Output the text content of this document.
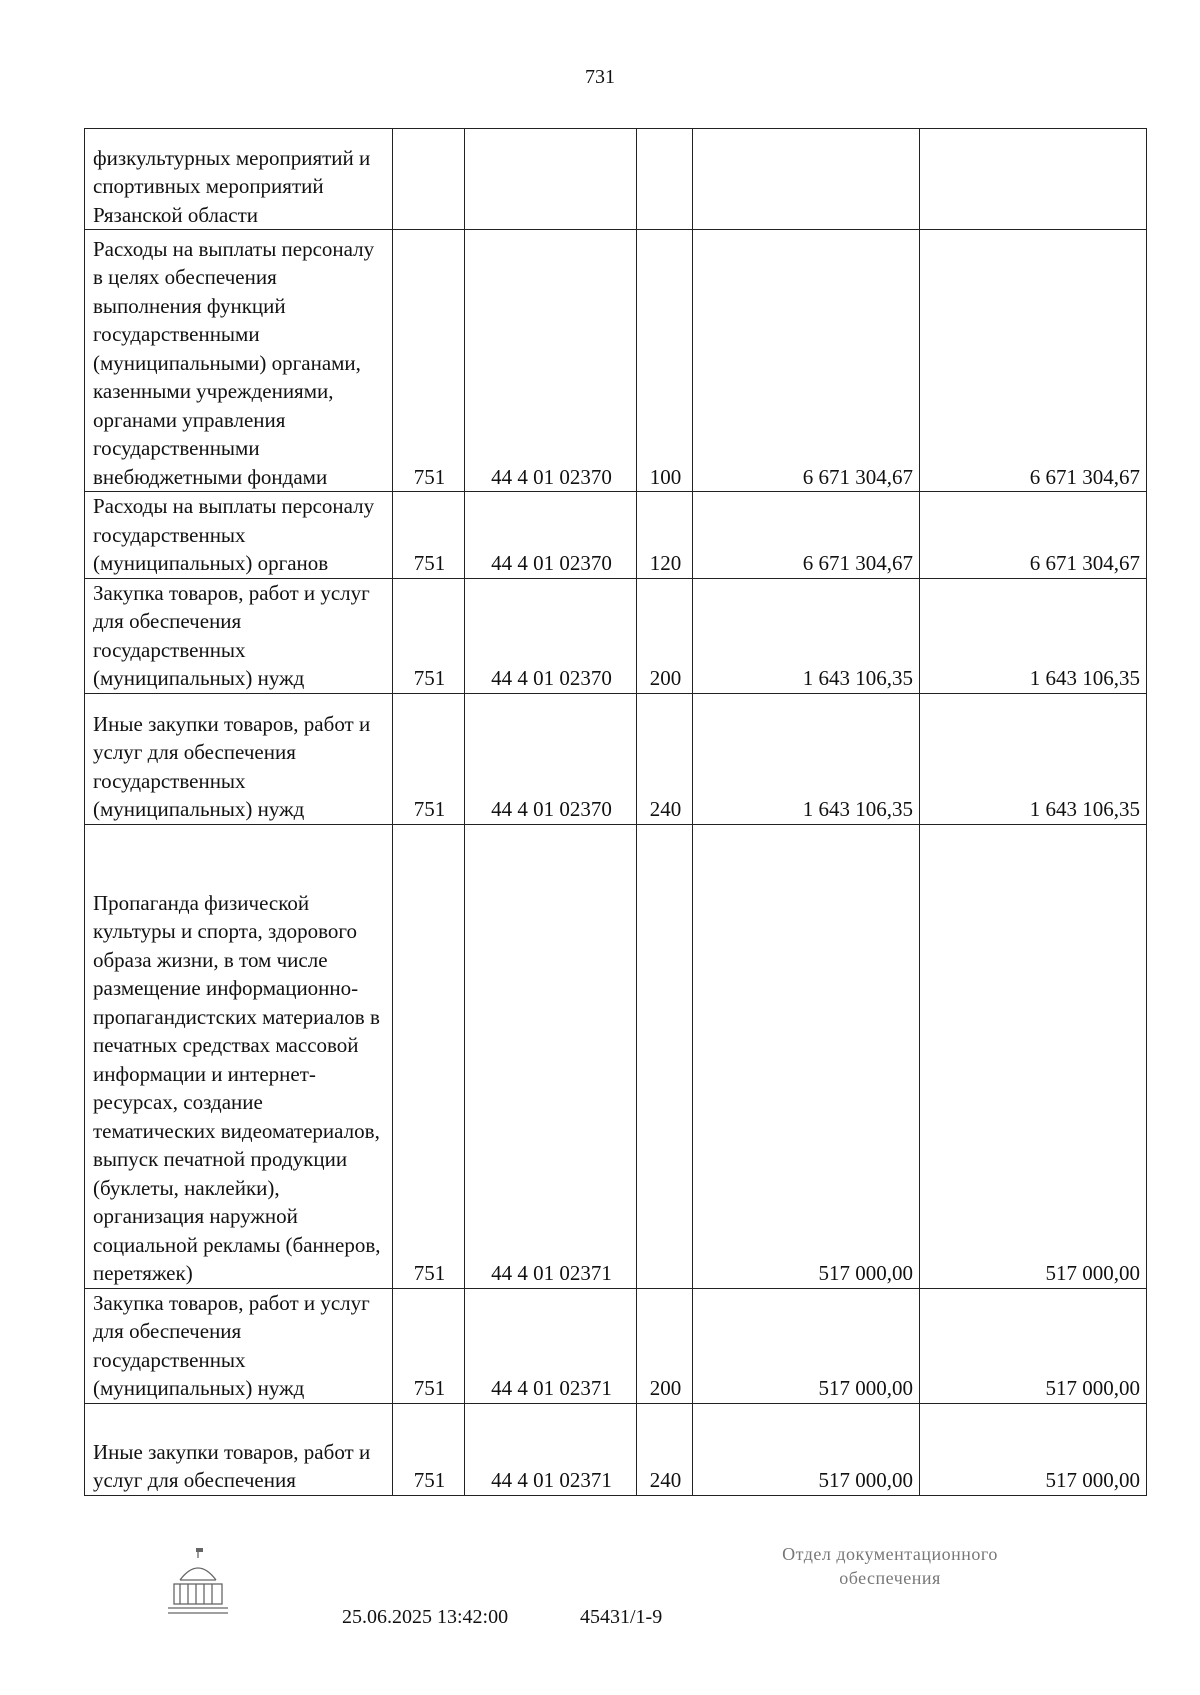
731
физкультурных мероприятий и спортивных мероприятий Рязанской области					
Расходы на выплаты персоналу в целях обеспечения выполнения функций государственными (муниципальными) органами, казенными учреждениями, органами управления государственными внебюджетными фондами	751	44 4 01 02370	100	6 671 304,67	6 671 304,67
Расходы на выплаты персоналу государственных (муниципальных) органов	751	44 4 01 02370	120	6 671 304,67	6 671 304,67
Закупка товаров, работ и услуг для обеспечения государственных (муниципальных) нужд	751	44 4 01 02370	200	1 643 106,35	1 643 106,35
Иные закупки товаров, работ и услуг для обеспечения государственных (муниципальных) нужд	751	44 4 01 02370	240	1 643 106,35	1 643 106,35
Пропаганда физической культуры и спорта, здорового образа жизни, в том числе размещение информационно-пропагандистских материалов в печатных средствах массовой информации и интернет-ресурсах, создание тематических видеоматериалов, выпуск печатной продукции (буклеты, наклейки), организация наружной социальной рекламы (баннеров, перетяжек)	751	44 4 01 02371		517 000,00	517 000,00
Закупка товаров, работ и услуг для обеспечения государственных (муниципальных) нужд	751	44 4 01 02371	200	517 000,00	517 000,00
Иные закупки товаров, работ и услуг для обеспечения	751	44 4 01 02371	240	517 000,00	517 000,00
25.06.2025 13:42:00	45431/1-9
Отдел документационного
обеспечения
